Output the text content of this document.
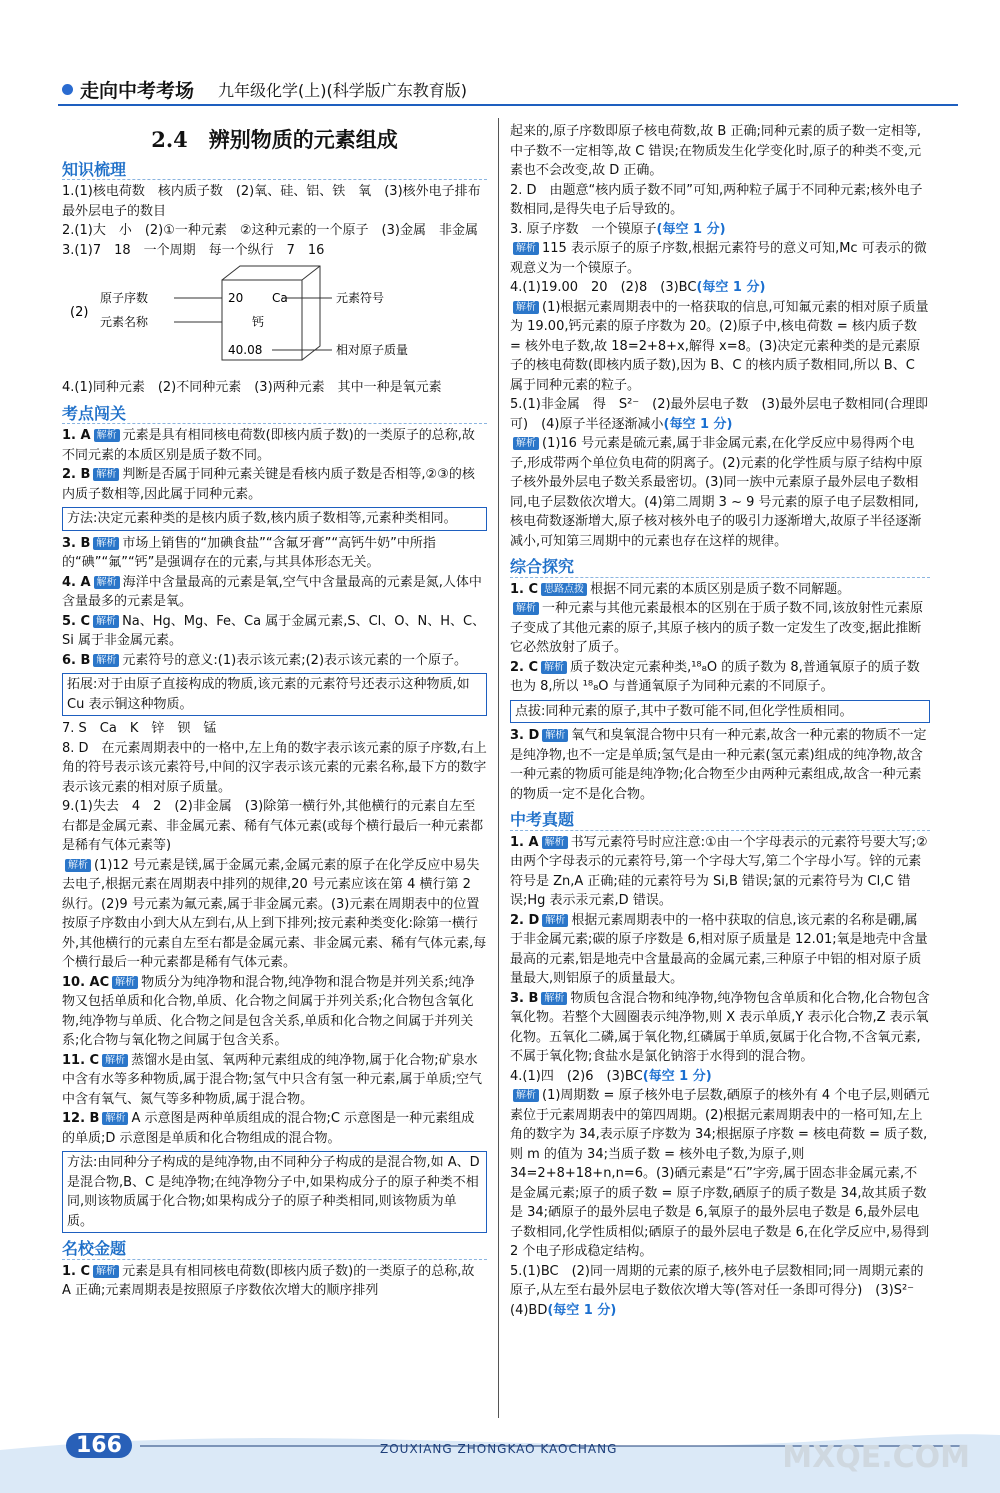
走向中考考场 九年级化学(上)(科学版广东教育版)
2.4　辨别物质的元素组成
知识梳理

1.(1)核电荷数　核内质子数　(2)氧、硅、铝、铁　氧　(3)核外电子排布　最外层电子的数目

2.(1)大　小　(2)①一种元素　②这种元素的一个原子　(3)金属　非金属

3.(1)7　18　一个周期　每一个纵行　7　16

(2)
原子序数
元素名称
20 Ca
钙
40.08
元素符号
相对原子质量

4.(1)同种元素　(2)不同种元素　(3)两种元素　其中一种是氧元素

考点闯关

1. A 解析 元素是具有相同核电荷数(即核内质子数)的一类原子的总称,故不同元素的本质区别是质子数不同。

2. B 解析 判断是否属于同种元素关键是看核内质子数是否相等,②③的核内质子数相等,因此属于同种元素。

方法:决定元素种类的是核内质子数,核内质子数相等,元素种类相同。

3. B 解析 市场上销售的“加碘食盐”“含氟牙膏”“高钙牛奶”中所指的“碘”“氟”“钙”是强调存在的元素,与其具体形态无关。

4. A 解析 海洋中含量最高的元素是氧,空气中含量最高的元素是氮,人体中含量最多的元素是氧。

5. C 解析 Na、Hg、Mg、Fe、Ca 属于金属元素,S、Cl、O、N、H、C、Si 属于非金属元素。

6. B 解析 元素符号的意义:(1)表示该元素;(2)表示该元素的一个原子。

拓展:对于由原子直接构成的物质,该元素的元素符号还表示这种物质,如 Cu 表示铜这种物质。

7. S　Ca　K　锌　钡　锰

8. D　在元素周期表中的一格中,左上角的数字表示该元素的原子序数,右上角的符号表示该元素符号,中间的汉字表示该元素的元素名称,最下方的数字表示该元素的相对原子质量。

9.(1)失去　4　2　(2)非金属　(3)除第一横行外,其他横行的元素自左至右都是金属元素、非金属元素、稀有气体元素(或每个横行最后一种元素都是稀有气体元素等)

解析 (1)12 号元素是镁,属于金属元素,金属元素的原子在化学反应中易失去电子,根据元素在周期表中排列的规律,20 号元素应该在第 4 横行第 2 纵行。(2)9 号元素为氟元素,属于非金属元素。(3)元素在周期表中的位置按原子序数由小到大从左到右,从上到下排列;按元素种类变化:除第一横行外,其他横行的元素自左至右都是金属元素、非金属元素、稀有气体元素,每个横行最后一种元素都是稀有气体元素。

10. AC 解析 物质分为纯净物和混合物,纯净物和混合物是并列关系;纯净物又包括单质和化合物,单质、化合物之间属于并列关系;化合物包含氧化物,纯净物与单质、化合物之间是包含关系,单质和化合物之间属于并列关系;化合物与氧化物之间属于包含关系。

11. C 解析 蒸馏水是由氢、氧两种元素组成的纯净物,属于化合物;矿泉水中含有水等多种物质,属于混合物;氢气中只含有氢一种元素,属于单质;空气中含有氧气、氮气等多种物质,属于混合物。

12. B 解析 A 示意图是两种单质组成的混合物;C 示意图是一种元素组成的单质;D 示意图是单质和化合物组成的混合物。

方法:由同种分子构成的是纯净物,由不同种分子构成的是混合物,如 A、D 是混合物,B、C 是纯净物;在纯净物分子中,如果构成分子的原子种类不相同,则该物质属于化合物;如果构成分子的原子种类相同,则该物质为单质。
名校金题

1. C 解析 元素是具有相同核电荷数(即核内质子数)的一类原子的总称,故 A 正确;元素周期表是按照原子序数依次增大的顺序排列

起来的,原子序数即原子核电荷数,故 B 正确;同种元素的质子数一定相等,中子数不一定相等,故 C 错误;在物质发生化学变化时,原子的种类不变,元素也不会改变,故 D 正确。

2. D　由题意“核内质子数不同”可知,两种粒子属于不同种元素;核外电子数相同,是得失电子后导致的。

3. 原子序数　一个镆原子(每空 1 分)

解析 115 表示原子的原子序数,根据元素符号的意义可知,Mc 可表示的微观意义为一个镆原子。

4.(1)19.00　20　(2)8　(3)BC(每空 1 分)

解析 (1)根据元素周期表中的一格获取的信息,可知氟元素的相对原子质量为 19.00,钙元素的原子序数为 20。(2)原子中,核电荷数 = 核内质子数 = 核外电子数,故 18=2+8+x,解得 x=8。(3)决定元素种类的是元素原子的核电荷数(即核内质子数),因为 B、C 的核内质子数相同,所以 B、C 属于同种元素的粒子。

5.(1)非金属　得　S²⁻　(2)最外层电子数　(3)最外层电子数相同(合理即可)　(4)原子半径逐渐减小(每空 1 分)

解析 (1)16 号元素是硫元素,属于非金属元素,在化学反应中易得两个电子,形成带两个单位负电荷的阴离子。(2)元素的化学性质与原子结构中原子核外最外层电子数关系最密切。(3)同一族中元素原子最外层电子数相同,电子层数依次增大。(4)第二周期 3 ~ 9 号元素的原子电子层数相同,核电荷数逐渐增大,原子核对核外电子的吸引力逐渐增大,故原子半径逐渐减小,可知第三周期中的元素也存在这样的规律。

综合探究

1. C 思路点拨 根据不同元素的本质区别是质子数不同解题。

解析 一种元素与其他元素最根本的区别在于质子数不同,该放射性元素原子变成了其他元素的原子,其原子核内的质子数一定发生了改变,据此推断它必然放射了质子。

2. C 解析 质子数决定元素种类,¹⁸₈O 的质子数为 8,普通氧原子的质子数也为 8,所以 ¹⁸₈O 与普通氧原子为同种元素的不同原子。

点拔:同种元素的原子,其中子数可能不同,但化学性质相同。

3. D 解析 氧气和臭氧混合物中只有一种元素,故含一种元素的物质不一定是纯净物,也不一定是单质;氢气是由一种元素(氢元素)组成的纯净物,故含一种元素的物质可能是纯净物;化合物至少由两种元素组成,故含一种元素的物质一定不是化合物。

中考真题

1. A 解析 书写元素符号时应注意:①由一个字母表示的元素符号要大写;②由两个字母表示的元素符号,第一个字母大写,第二个字母小写。锌的元素符号是 Zn,A 正确;硅的元素符号为 Si,B 错误;氯的元素符号为 Cl,C 错误;Hg 表示汞元素,D 错误。

2. D 解析 根据元素周期表中的一格中获取的信息,该元素的名称是硼,属于非金属元素;碳的原子序数是 6,相对原子质量是 12.01;氧是地壳中含量最高的元素,铝是地壳中含量最高的金属元素,三种原子中铝的相对原子质量最大,则铝原子的质量最大。

3. B 解析 物质包含混合物和纯净物,纯净物包含单质和化合物,化合物包含氧化物。若整个大圆圈表示纯净物,则 X 表示单质,Y 表示化合物,Z 表示氧化物。五氧化二磷,属于氧化物,红磷属于单质,氨属于化合物,不含氧元素,不属于氧化物;食盐水是氯化钠溶于水得到的混合物。

4.(1)四　(2)6　(3)BC(每空 1 分)

解析 (1)周期数 = 原子核外电子层数,硒原子的核外有 4 个电子层,则硒元素位于元素周期表中的第四周期。(2)根据元素周期表中的一格可知,左上角的数字为 34,表示原子序数为 34;根据原子序数 = 核电荷数 = 质子数,则 m 的值为 34;当质子数 = 核外电子数,为原子,则 34=2+8+18+n,n=6。(3)硒元素是“石”字旁,属于固态非金属元素,不是金属元素;原子的质子数 = 原子序数,硒原子的质子数是 34,故其质子数是 34;硒原子的最外层电子数是 6,氧原子的最外层电子数是 6,最外层电子数相同,化学性质相似;硒原子的最外层电子数是 6,在化学反应中,易得到 2 个电子形成稳定结构。

5.(1)BC　(2)同一周期的元素的原子,核外电子层数相同;同一周期元素的原子,从左至右最外层电子数依次增大等(答对任一条即可得分)　(3)S²⁻　(4)BD(每空 1 分)

166	ZOUXIANG ZHONGKAO KAOCHANG	MXQE.COM
